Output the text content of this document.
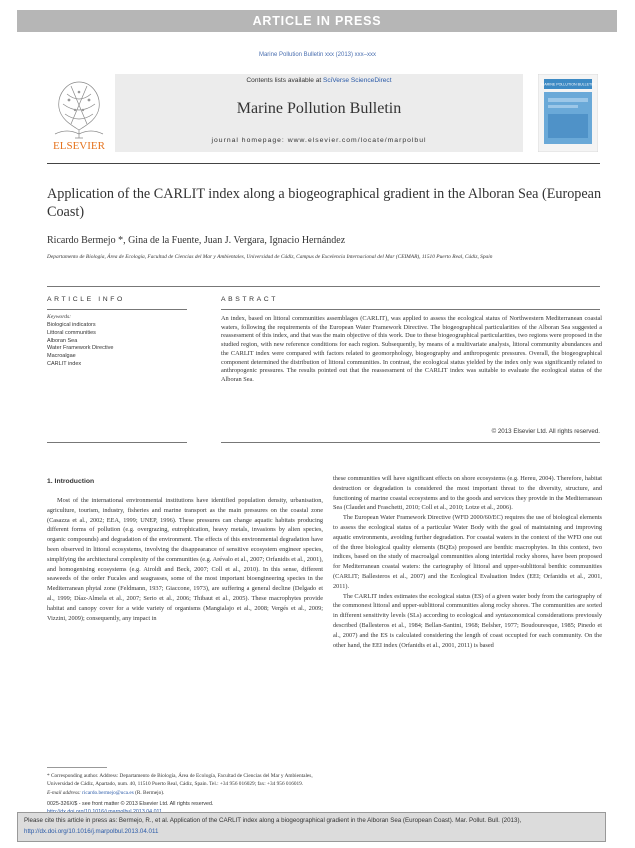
ARTICLE IN PRESS
Marine Pollution Bulletin xxx (2013) xxx–xxx
ELSEVIER
Contents lists available at SciVerse ScienceDirect
Marine Pollution Bulletin
journal homepage: www.elsevier.com/locate/marpolbul
MARINE POLLUTION BULLETIN
Application of the CARLIT index along a biogeographical gradient in the Alboran Sea (European Coast)
Ricardo Bermejo *, Gina de la Fuente, Juan J. Vergara, Ignacio Hernández
Departamento de Biología, Área de Ecología, Facultad de Ciencias del Mar y Ambientales, Universidad de Cádiz, Campus de Excelencia Internacional del Mar (CEIMAR), 11510 Puerto Real, Cádiz, Spain
ARTICLE INFO
Keywords:
Biological indicators
Littoral communities
Alboran Sea
Water Framework Directive
Macroalgae
CARLIT index
ABSTRACT
An index, based on littoral communities assemblages (CARLIT), was applied to assess the ecological status of Northwestern Mediterranean coastal waters, following the requirements of the European Water Framework Directive. The biogeographical particularities of the Alboran Sea suggested a reassessment of this index, and that was the main objective of this work. Due to these biogeographical particularities, two regions were proposed in the studied region, with new reference conditions for each region. Subsequently, by means of a multivariate analysis, littoral community abundances and the CARLIT index were compared with factors related to geomorphology, biogeography and anthropogenic pressures. Overall, the biogeographical component determined the distribution of littoral communities. In contrast, the ecological status yielded by the index only was significantly related to anthropogenic pressures. The results pointed out that the reassessment of the CARLIT index was suitable to evaluate the ecological status of the Alboran Sea.
© 2013 Elsevier Ltd. All rights reserved.
1. Introduction

Most of the international environmental institutions have identified population density, urbanisation, agriculture, tourism, industry, fisheries and marine transport as the main pressures on the coastal zone (Casazza et al., 2002; EEA, 1999; UNEP, 1996). These pressures can change aquatic habitats producing different forms of pollution (e.g. overgrazing, eutrophication, heavy metals, invasions by alien species, organic compounds) and degradation of the environment. The effects of this environmental degradation have been observed in littoral ecosystems, involving the disappearance of sensitive ecosystem engineer species, simplifying the architectural complexity of the communities (e.g. Arévalo et al., 2007; Orfanidis et al., 2001), and homogenising ecosystems (e.g. Airoldi and Beck, 2007; Coll et al., 2010). In this sense, different seaweeds of the order Fucales and seagrasses, some of the most important bioengineering species in the Mediterranean phytal zone (Feldmann, 1937; Giaccone, 1973), are suffering a general decline (Delgado et al., 1999; Díaz-Almela et al., 2007; Serio et al., 2006; Thibaut et al., 2005). These macrophytes provide habitat and canopy cover for a wide variety of organisms (Mangialajo et al., 2008; Vergés et al., 2009; Vizzini, 2009); consequently, any impact in

these communities will have significant effects on shore ecosystems (e.g. Hereu, 2004). Therefore, habitat destruction or degradation is considered the most important threat to the diversity, structure, and functioning of marine coastal ecosystems and to the goods and services they provide in the Mediterranean Sea (Claudet and Fraschetti, 2010; Coll et al., 2010; Lotze et al., 2006).

The European Water Framework Directive (WFD 2000/60/EC) requires the use of biological elements to assess the ecological status of a particular Water Body with the goal of maintaining and improving aquatic environments, avoiding further degradation. For coastal waters in the context of the WFD one out of the three biological quality elements (BQEs) proposed are benthic macrophytes. In this context, two indices, based on the study of macroalgal communities along intertidal rocky shores, have been proposed for Mediterranean coastal waters: the cartography of littoral and upper-sublittoral benthic communities (CARLIT; Ballesteros et al., 2007) and the Ecological Evaluation Index (EEI; Orfanidis et al., 2001, 2011).

The CARLIT index estimates the ecological status (ES) of a given water body from the cartography of the commonest littoral and upper-sublittoral communities along rocky shores. The communities are sorted in different sensitivity levels (SLs) according to ecological and syntaxonomical considerations previously described (Ballesteros et al., 1984; Bellan-Santini, 1968; Belsher, 1977; Boudouresque, 1985; Pinedo et al., 2007) and the ES is calculated considering the length of coast occupied for each community. On the other hand, the EEI index (Orfanidis et al., 2001, 2011) is based

* Corresponding author. Address: Departamento de Biología, Área de Ecología, Facultad de Ciencias del Mar y Ambientales, Universidad de Cádiz, Apartado, num. 40, 11510 Puerto Real, Cádiz, Spain. Tel.: +34 956 016029; fax: +34 956 016019.

E-mail address: ricardo.bermejo@uca.es (R. Bermejo).

0025-326X/$ - see front matter © 2013 Elsevier Ltd. All rights reserved.
Please cite this article in press as: Bermejo, R., et al. Application of the CARLIT index along a biogeographical gradient in the Alboran Sea (European Coast). Mar. Pollut. Bull. (2013), http://dx.doi.org/10.1016/j.marpolbul.2013.04.011
